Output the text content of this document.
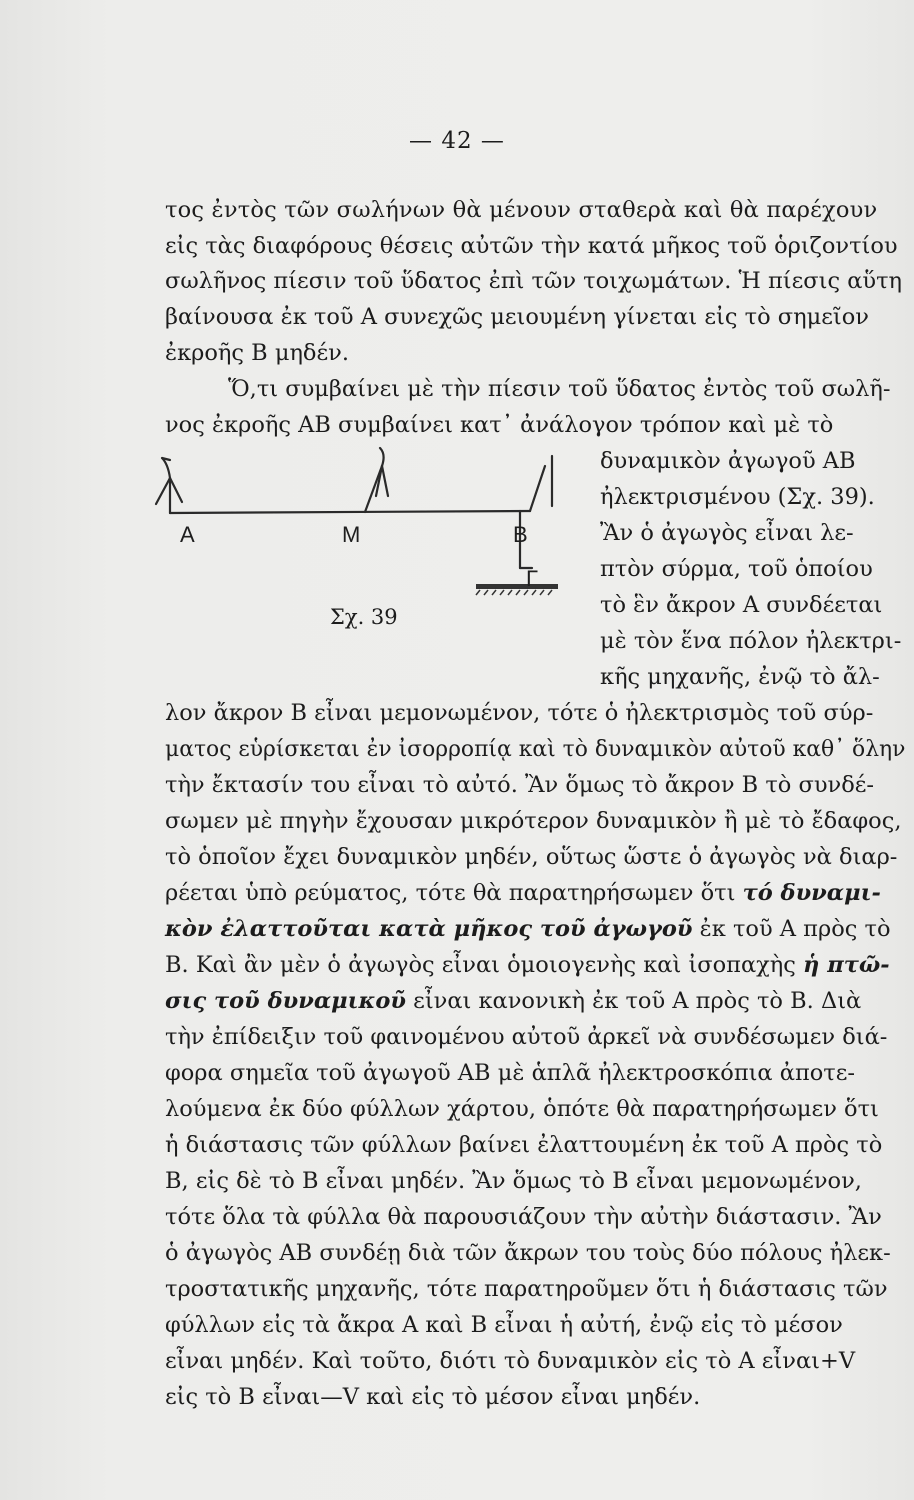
— 42 —
τος ἐντὸς τῶν σωλήνων θὰ μένουν σταθερὰ καὶ θὰ παρέχουν
εἰς τὰς διαφόρους θέσεις αὐτῶν τὴν κατά μῆκος τοῦ ὁριζοντίου
σωλῆνος πίεσιν τοῦ ὕδατος ἐπὶ τῶν τοιχωμάτων. Ἡ πίεσις αὕτη
βαίνουσα ἐκ τοῦ Α συνεχῶς μειουμένη γίνεται εἰς τὸ σημεῖον
ἐκροῆς Β μηδέν.
Ὅ,τι συμβαίνει μὲ τὴν πίεσιν τοῦ ὕδατος ἐντὸς τοῦ σωλῆ-
νος ἐκροῆς ΑΒ συμβαίνει κατ᾽ ἀνάλογον τρόπον καὶ μὲ τὸ
δυναμικὸν ἀγωγοῦ ΑΒ
ἠλεκτρισμένου (Σχ. 39).
Ἂν ὁ ἀγωγὸς εἶναι λε-
πτὸν σύρμα, τοῦ ὁποίου
τὸ ἓν ἄκρον Α συνδέεται
μὲ τὸν ἕνα πόλον ἠλεκτρι-
κῆς μηχανῆς, ἐνῷ τὸ ἄλ-
A	M	B
Γ
Σχ. 39
λον ἄκρον Β εἶναι μεμονωμένον, τότε ὁ ἠλεκτρισμὸς τοῦ σύρ-
ματος εὑρίσκεται ἐν ἰσορροπίᾳ καὶ τὸ δυναμικὸν αὐτοῦ καθ᾽ ὅλην
τὴν ἔκτασίν του εἶναι τὸ αὐτό. Ἂν ὅμως τὸ ἄκρον Β τὸ συνδέ-
σωμεν μὲ πηγὴν ἔχουσαν μικρότερον δυναμικὸν ἢ μὲ τὸ ἔδαφος,
τὸ ὁποῖον ἔχει δυναμικὸν μηδέν, οὕτως ὥστε ὁ ἀγωγὸς νὰ διαρ-
ρέεται ὑπὸ ρεύματος, τότε θὰ παρατηρήσωμεν ὅτι τό δυναμι-
κὸν ἐλαττοῦται κατὰ μῆκος τοῦ ἀγωγοῦ ἐκ τοῦ Α πρὸς τὸ
Β. Καὶ ἂν μὲν ὁ ἀγωγὸς εἶναι ὁμοιογενὴς καὶ ἰσοπαχὴς ἡ πτῶ-
σις τοῦ δυναμικοῦ εἶναι κανονικὴ ἐκ τοῦ Α πρὸς τὸ Β. Διὰ
τὴν ἐπίδειξιν τοῦ φαινομένου αὐτοῦ ἀρκεῖ νὰ συνδέσωμεν διά-
φορα σημεῖα τοῦ ἀγωγοῦ ΑΒ μὲ ἁπλᾶ ἠλεκτροσκόπια ἀποτε-
λούμενα ἐκ δύο φύλλων χάρτου, ὁπότε θὰ παρατηρήσωμεν ὅτι
ἡ διάστασις τῶν φύλλων βαίνει ἐλαττουμένη ἐκ τοῦ Α πρὸς τὸ
Β, εἰς δὲ τὸ Β εἶναι μηδέν. Ἂν ὅμως τὸ Β εἶναι μεμονωμένον,
τότε ὅλα τὰ φύλλα θὰ παρουσιάζουν τὴν αὐτὴν διάστασιν. Ἂν
ὁ ἀγωγὸς ΑΒ συνδέῃ διὰ τῶν ἄκρων του τοὺς δύο πόλους ἠλεκ-
τροστατικῆς μηχανῆς, τότε παρατηροῦμεν ὅτι ἡ διάστασις τῶν
φύλλων εἰς τὰ ἄκρα Α καὶ Β εἶναι ἡ αὐτή, ἐνῷ εἰς τὸ μέσον
εἶναι μηδέν. Καὶ τοῦτο, διότι τὸ δυναμικὸν εἰς τὸ Α εἶναι+V
εἰς τὸ Β εἶναι—V καὶ εἰς τὸ μέσον εἶναι μηδέν.
